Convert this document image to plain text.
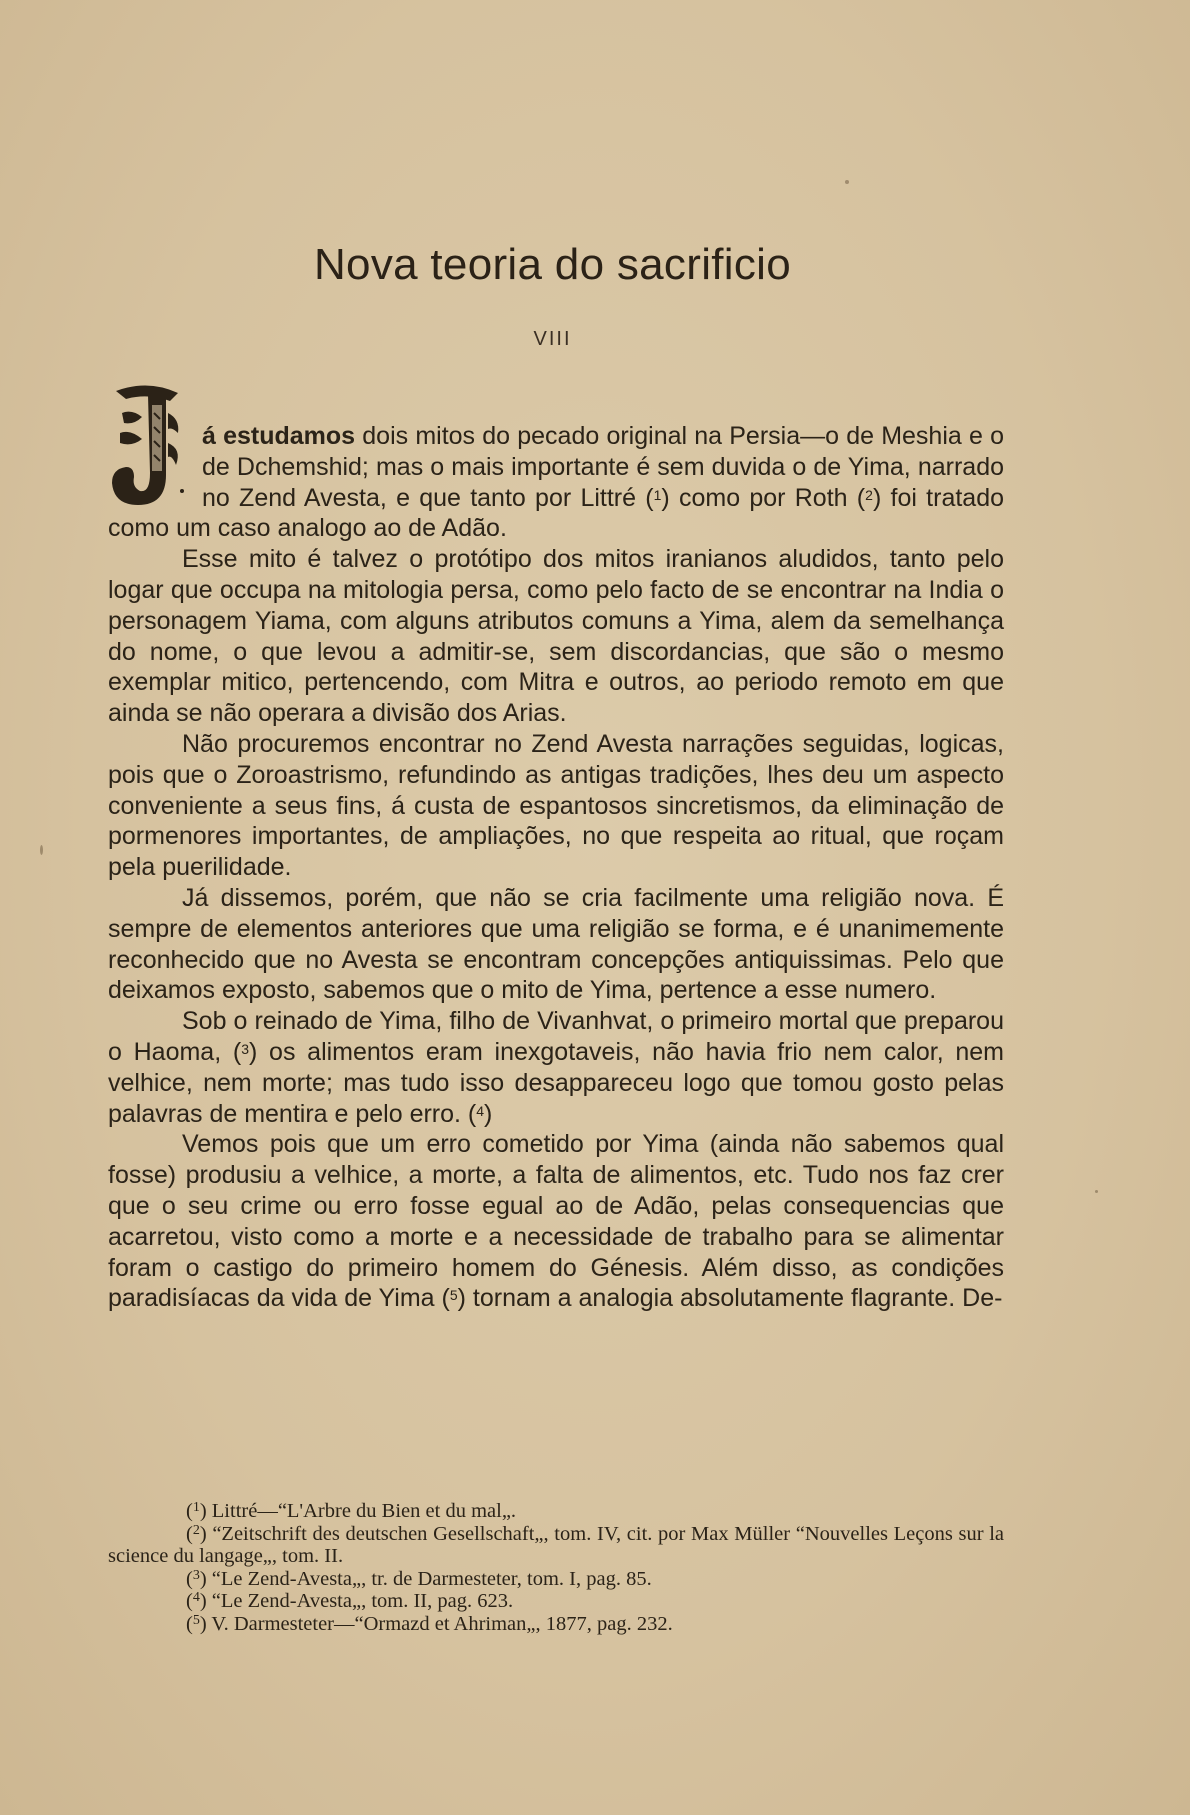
Nova teoria do sacrificio
VIII

á estudamos dois mitos do pecado original na Persia—o de Meshia e o de Dchemshid; mas o mais importante é sem duvida o de Yima, narrado no Zend Avesta, e que tanto por Littré ($^1$) como por Roth ($^2$) foi tratado como um caso analogo ao de Adão.

Esse mito é talvez o protótipo dos mitos iranianos aludidos, tanto pelo logar que occupa na mitologia persa, como pelo facto de se encontrar na India o personagem Yiama, com alguns atributos comuns a Yima, alem da semelhança do nome, o que levou a admitir-se, sem discordancias, que são o mesmo exemplar mitico, pertencendo, com Mitra e outros, ao periodo remoto em que ainda se não operara a divisão dos Arias.

Não procuremos encontrar no Zend Avesta narrações seguidas, logicas, pois que o Zoroastrismo, refundindo as antigas tradições, lhes deu um aspecto conveniente a seus fins, á custa de espantosos sincretismos, da eliminação de pormenores importantes, de ampliações, no que respeita ao ritual, que roçam pela puerilidade.

Já dissemos, porém, que não se cria facilmente uma religião nova. É sempre de elementos anteriores que uma religião se forma, e é unanimemente reconhecido que no Avesta se encontram concepções antiquissimas. Pelo que deixamos exposto, sabemos que o mito de Yima, pertence a esse numero.

Sob o reinado de Yima, filho de Vivanhvat, o primeiro mortal que preparou o Haoma, ($^3$) os alimentos eram inexgotaveis, não havia frio nem calor, nem velhice, nem morte; mas tudo isso desappareceu logo que tomou gosto pelas palavras de mentira e pelo erro. ($^4$)

Vemos pois que um erro cometido por Yima (ainda não sabemos qual fosse) produsiu a velhice, a morte, a falta de alimentos, etc. Tudo nos faz crer que o seu crime ou erro fosse egual ao de Adão, pelas consequencias que acarretou, visto como a morte e a necessidade de trabalho para se alimentar foram o castigo do primeiro homem do Génesis. Além disso, as condições paradisíacas da vida de Yima ($^5$) tornam a analogia absolutamente flagrante. De-

($^1$) Littré—“L'Arbre du Bien et du mal„.

($^2$) “Zeitschrift des deutschen Gesellschaft„, tom. IV, cit. por Max Müller “Nouvelles Leçons sur la science du langage„, tom. II.

($^3$) “Le Zend-Avesta„, tr. de Darmesteter, tom. I, pag. 85.

($^4$) “Le Zend-Avesta„, tom. II, pag. 623.

($^5$) V. Darmesteter—“Ormazd et Ahriman„, 1877, pag. 232.
